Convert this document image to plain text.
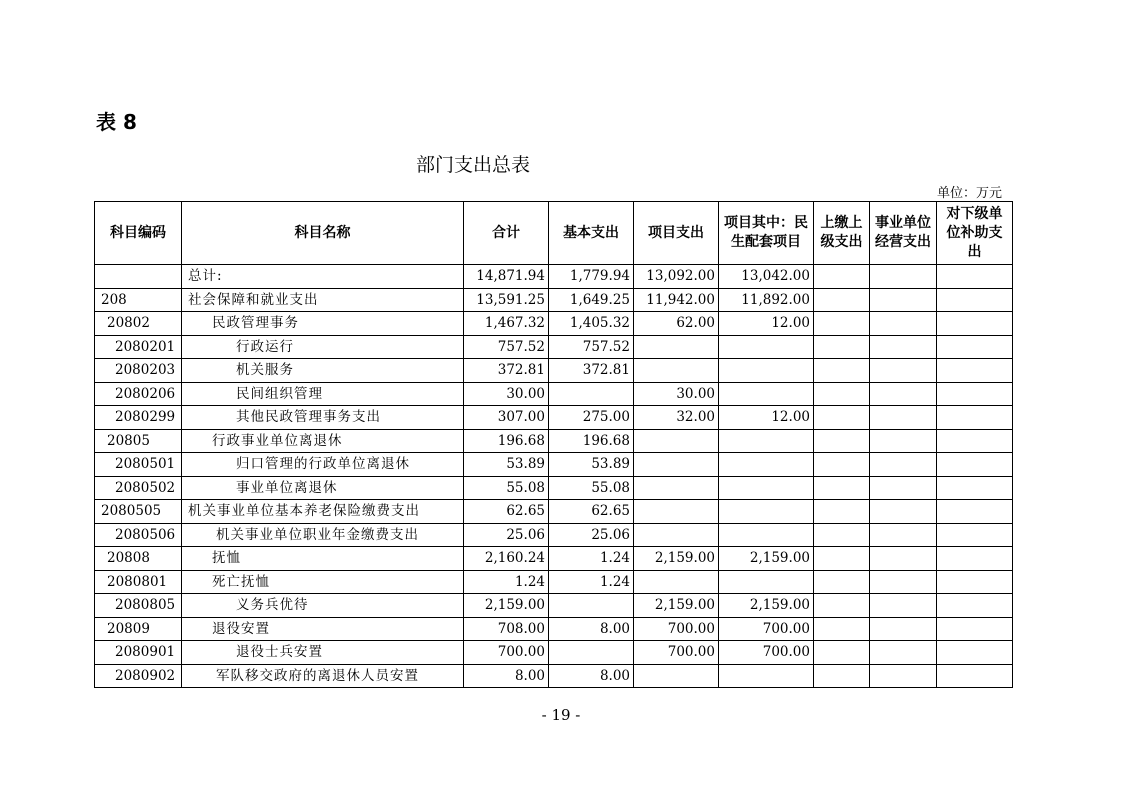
表 8
部门支出总表
单位：万元
科目编码	科目名称	合计	基本支出	项目支出	项目其中：民生配套项目	上缴上级支出	事业单位经营支出	对下级单位补助支出
	总计:	14,871.94	1,779.94	13,092.00	13,042.00			
208	社会保障和就业支出	13,591.25	1,649.25	11,942.00	11,892.00			
20802	民政管理事务	1,467.32	1,405.32	62.00	12.00			
2080201	行政运行	757.52	757.52					
2080203	机关服务	372.81	372.81					
2080206	民间组织管理	30.00		30.00				
2080299	其他民政管理事务支出	307.00	275.00	32.00	12.00			
20805	行政事业单位离退休	196.68	196.68					
2080501	归口管理的行政单位离退休	53.89	53.89					
2080502	事业单位离退休	55.08	55.08					
2080505	机关事业单位基本养老保险缴费支出	62.65	62.65					
2080506	机关事业单位职业年金缴费支出	25.06	25.06					
20808	抚恤	2,160.24	1.24	2,159.00	2,159.00			
2080801	死亡抚恤	1.24	1.24					
2080805	义务兵优待	2,159.00		2,159.00	2,159.00			
20809	退役安置	708.00	8.00	700.00	700.00			
2080901	退役士兵安置	700.00		700.00	700.00			
2080902	军队移交政府的离退休人员安置	8.00	8.00					
- 19 -
